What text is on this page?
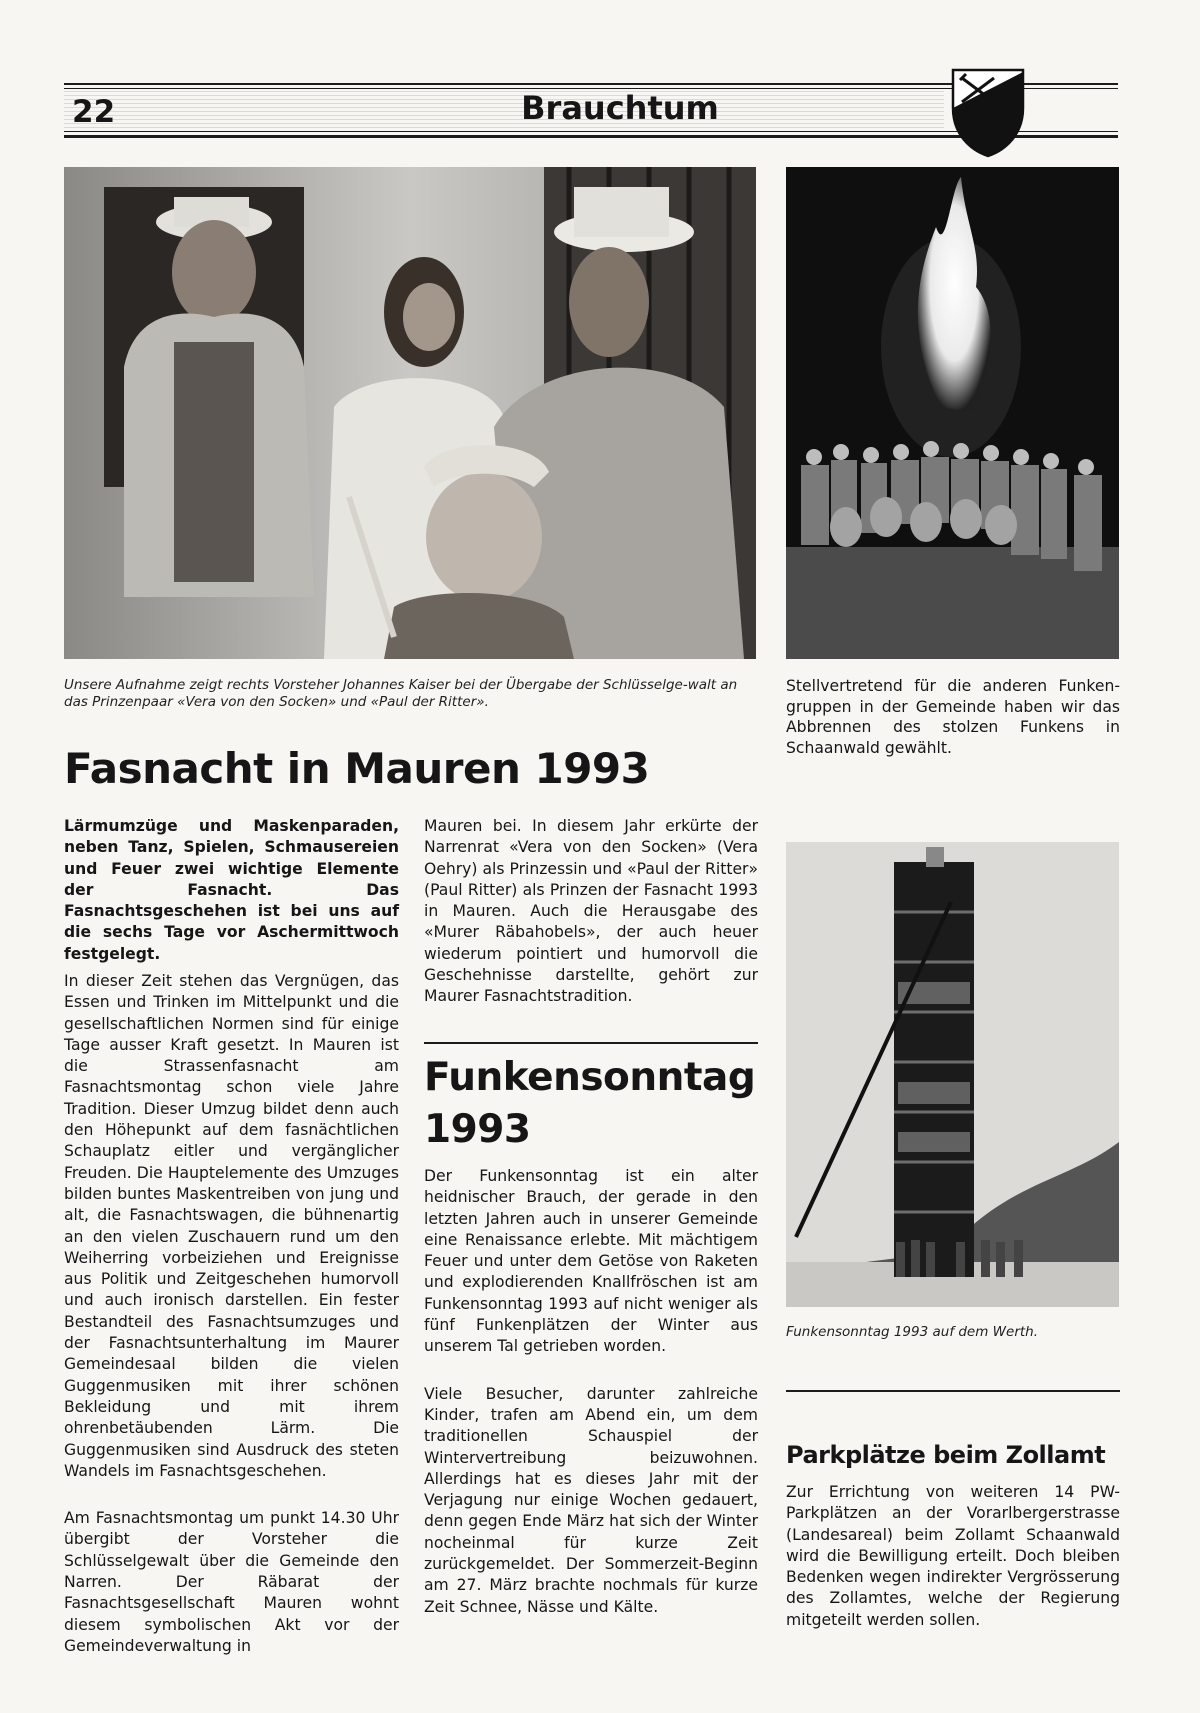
22	Brauchtum
Unsere Aufnahme zeigt rechts Vorsteher Johannes Kaiser bei der Übergabe der Schlüsselge-walt an das Prinzenpaar «Vera von den Socken» und «Paul der Ritter».
Stellvertretend für die anderen Funken-gruppen in der Gemeinde haben wir das Abbrennen des stolzen Funkens in Schaanwald gewählt.
Funkensonntag 1993 auf dem Werth.
Fasnacht in Mauren 1993
Lärmumzüge und Maskenparaden, neben Tanz, Spielen, Schmausereien und Feuer zwei wichtige Elemente der Fasnacht. Das Fasnachtsgeschehen ist bei uns auf die sechs Tage vor Aschermittwoch festgelegt.

In dieser Zeit stehen das Vergnügen, das Essen und Trinken im Mittelpunkt und die gesellschaftlichen Normen sind für einige Tage ausser Kraft gesetzt. In Mauren ist die Strassenfasnacht am Fasnachtsmontag schon viele Jahre Tradition. Dieser Umzug bildet denn auch den Höhepunkt auf dem fasnächtlichen Schauplatz eitler und vergänglicher Freuden. Die Hauptelemente des Umzuges bilden buntes Maskentreiben von jung und alt, die Fasnachtswagen, die bühnenartig an den vielen Zuschauern rund um den Weiherring vorbeiziehen und Ereignisse aus Politik und Zeitgeschehen humorvoll und auch ironisch darstellen. Ein fester Bestandteil des Fasnachtsumzuges und der Fasnachtsunterhaltung im Maurer Gemeindesaal bilden die vielen Guggenmusiken mit ihrer schönen Bekleidung und mit ihrem ohrenbetäubenden Lärm. Die Guggenmusiken sind Ausdruck des steten Wandels im Fasnachtsgeschehen.

Am Fasnachtsmontag um punkt 14.30 Uhr übergibt der Vorsteher die Schlüsselgewalt über die Gemeinde den Narren. Der Räbarat der Fasnachtsgesellschaft Mauren wohnt diesem symbolischen Akt vor der Gemeindeverwaltung in

Mauren bei. In diesem Jahr erkürte der Narrenrat «Vera von den Socken» (Vera Oehry) als Prinzessin und «Paul der Ritter» (Paul Ritter) als Prinzen der Fasnacht 1993 in Mauren. Auch die Herausgabe des «Murer Räbahobels», der auch heuer wiederum pointiert und humorvoll die Geschehnisse darstellte, gehört zur Maurer Fasnachtstradition.

Funkensonntag
1993

Der Funkensonntag ist ein alter heidnischer Brauch, der gerade in den letzten Jahren auch in unserer Gemeinde eine Renaissance erlebte. Mit mächtigem Feuer und unter dem Getöse von Raketen und explodierenden Knallfröschen ist am Funkensonntag 1993 auf nicht weniger als fünf Funkenplätzen der Winter aus unserem Tal getrieben worden.

Viele Besucher, darunter zahlreiche Kinder, trafen am Abend ein, um dem traditionellen Schauspiel der Wintervertreibung beizuwohnen. Allerdings hat es dieses Jahr mit der Verjagung nur einige Wochen gedauert, denn gegen Ende März hat sich der Winter nocheinmal für kurze Zeit zurückgemeldet. Der Sommerzeit-Beginn am 27. März brachte nochmals für kurze Zeit Schnee, Nässe und Kälte.

Parkplätze beim Zollamt
Zur Errichtung von weiteren 14 PW-Parkplätzen an der Vorarlbergerstrasse (Landesareal) beim Zollamt Schaanwald wird die Bewilligung erteilt. Doch bleiben Bedenken wegen indirekter Vergrösserung des Zollamtes, welche der Regierung mitgeteilt werden sollen.
